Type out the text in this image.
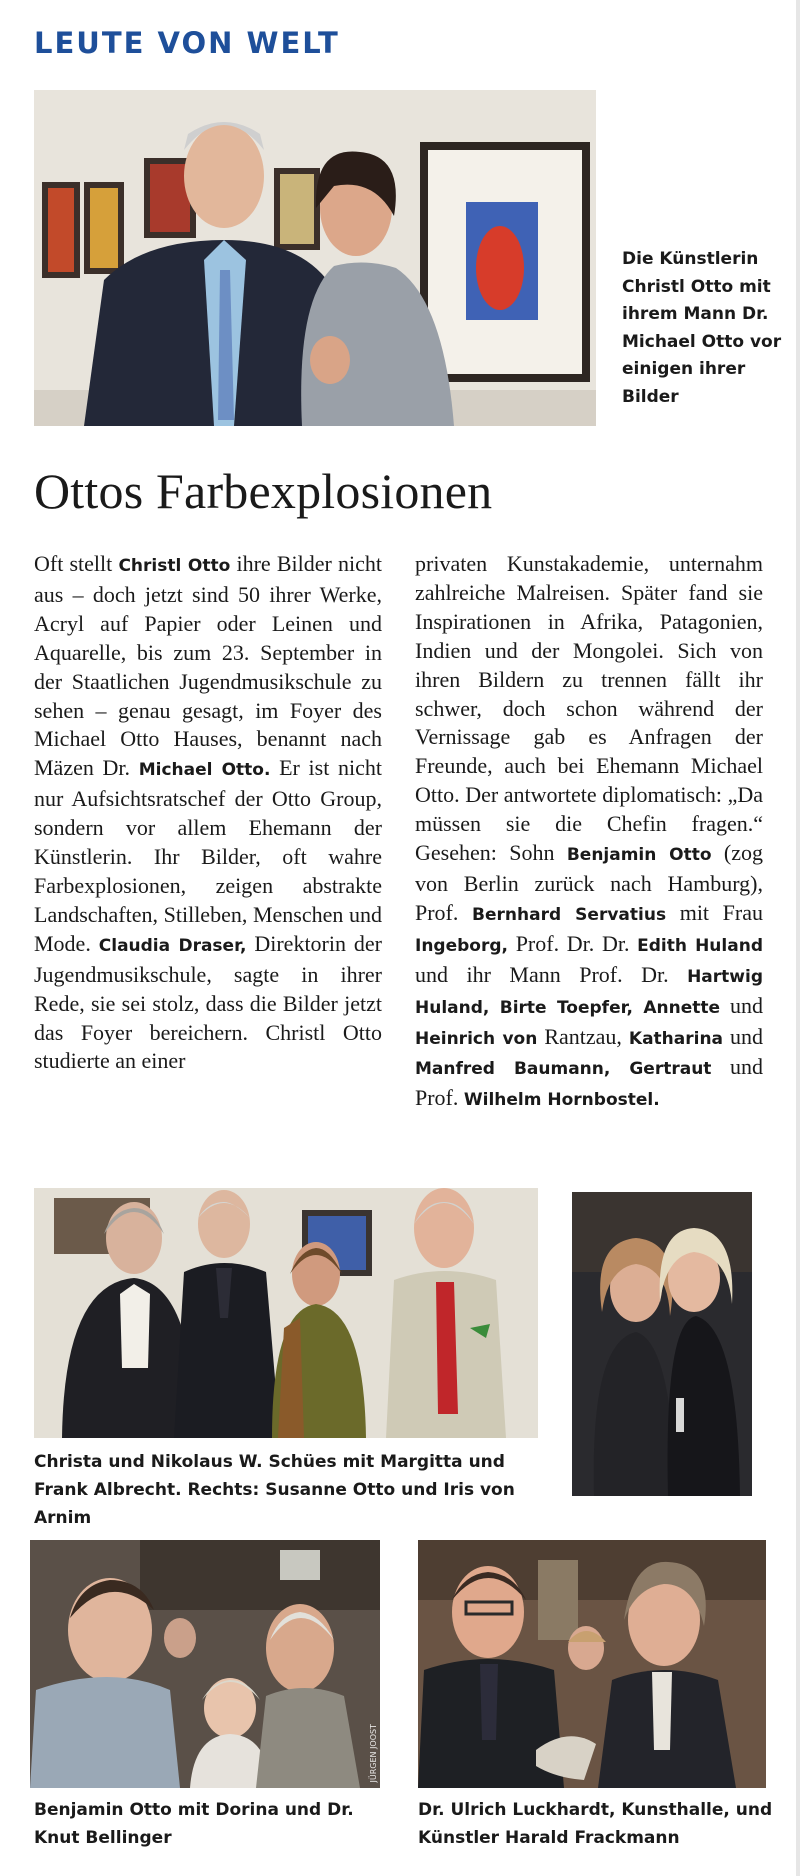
LEUTE VON WELT
Die Künstlerin Christl Otto mit ihrem Mann Dr. Michael Otto vor einigen ihrer Bilder
Ottos Farbexplosionen

Oft stellt Christl Otto ihre Bilder nicht aus – doch jetzt sind 50 ihrer Werke, Acryl auf Papier oder Leinen und Aquarelle, bis zum 23. September in der Staatlichen Jugendmusikschule zu sehen – genau gesagt, im Foyer des Michael Otto Hauses, benannt nach Mäzen Dr. Michael Otto. Er ist nicht nur Aufsichtsratschef der Otto Group, sondern vor allem Ehemann der Künstlerin. Ihr Bilder, oft wahre Farbexplosionen, zeigen abstrakte Landschaften, Stilleben, Menschen und Mode. Claudia Draser, Direktorin der Jugendmusikschule, sagte in ihrer Rede, sie sei stolz, dass die Bilder jetzt das Foyer bereichern. Christl Otto studierte an einer

privaten Kunstakademie, unternahm zahlreiche Malreisen. Später fand sie Inspirationen in Afrika, Patagonien, Indien und der Mongolei. Sich von ihren Bildern zu trennen fällt ihr schwer, doch schon während der Vernissage gab es Anfragen der Freunde, auch bei Ehemann Michael Otto. Der antwortete diplomatisch: „Da müssen sie die Chefin fragen.“ Gesehen: Sohn Benjamin Otto (zog von Berlin zurück nach Hamburg), Prof. Bernhard Servatius mit Frau Ingeborg, Prof. Dr. Dr. Edith Huland und ihr Mann Prof. Dr. Hartwig Huland, Birte Toepfer, Annette und Heinrich von Rantzau, Katharina und Manfred Baumann, Gertraut und Prof. Wilhelm Hornbostel.

Christa und Nikolaus W. Schües mit Margitta und Frank Albrecht. Rechts: Susanne Otto und Iris von Arnim
JÜRGEN JOOST
Benjamin Otto mit Dorina und Dr. Knut Bellinger
Dr. Ulrich Luckhardt, Kunsthalle, und Künstler Harald Frackmann
